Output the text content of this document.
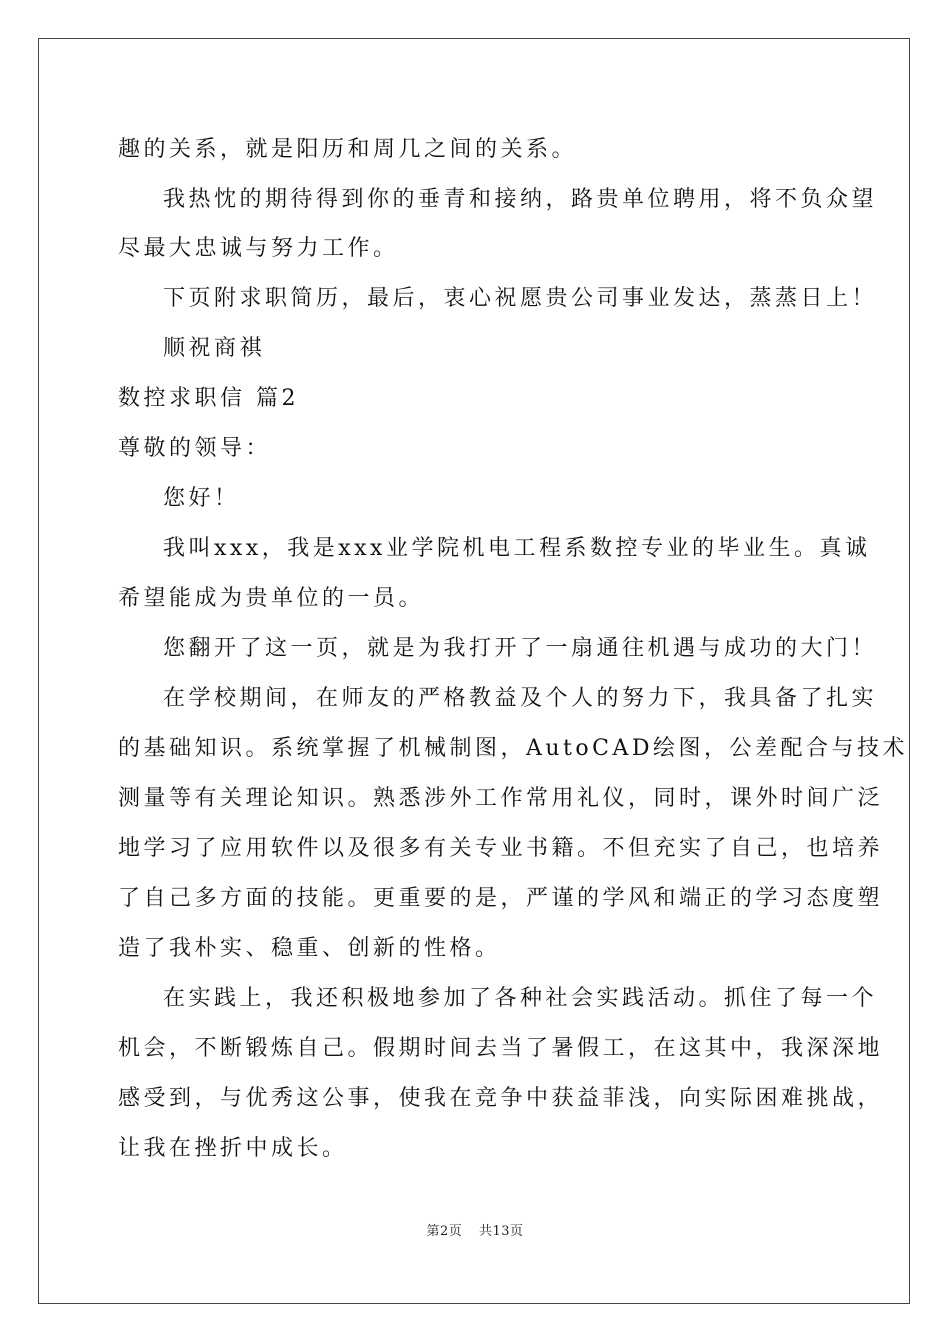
趣的关系，就是阳历和周几之间的关系。
我热忱的期待得到你的垂青和接纳，路贵单位聘用，将不负众望
尽最大忠诚与努力工作。
下页附求职简历，最后，衷心祝愿贵公司事业发达，蒸蒸日上！
顺祝商祺
数控求职信 篇2
尊敬的领导：
您好！
我叫xxx，我是xxx业学院机电工程系数控专业的毕业生。真诚
希望能成为贵单位的一员。
您翻开了这一页，就是为我打开了一扇通往机遇与成功的大门！
在学校期间，在师友的严格教益及个人的努力下，我具备了扎实
的基础知识。系统掌握了机械制图，AutoCAD绘图，公差配合与技术
测量等有关理论知识。熟悉涉外工作常用礼仪，同时，课外时间广泛
地学习了应用软件以及很多有关专业书籍。不但充实了自己，也培养
了自己多方面的技能。更重要的是，严谨的学风和端正的学习态度塑
造了我朴实、稳重、创新的性格。
在实践上，我还积极地参加了各种社会实践活动。抓住了每一个
机会，不断锻炼自己。假期时间去当了暑假工，在这其中，我深深地
感受到，与优秀这公事，使我在竞争中获益菲浅，向实际困难挑战，
让我在挫折中成长。
第2页 共13页
